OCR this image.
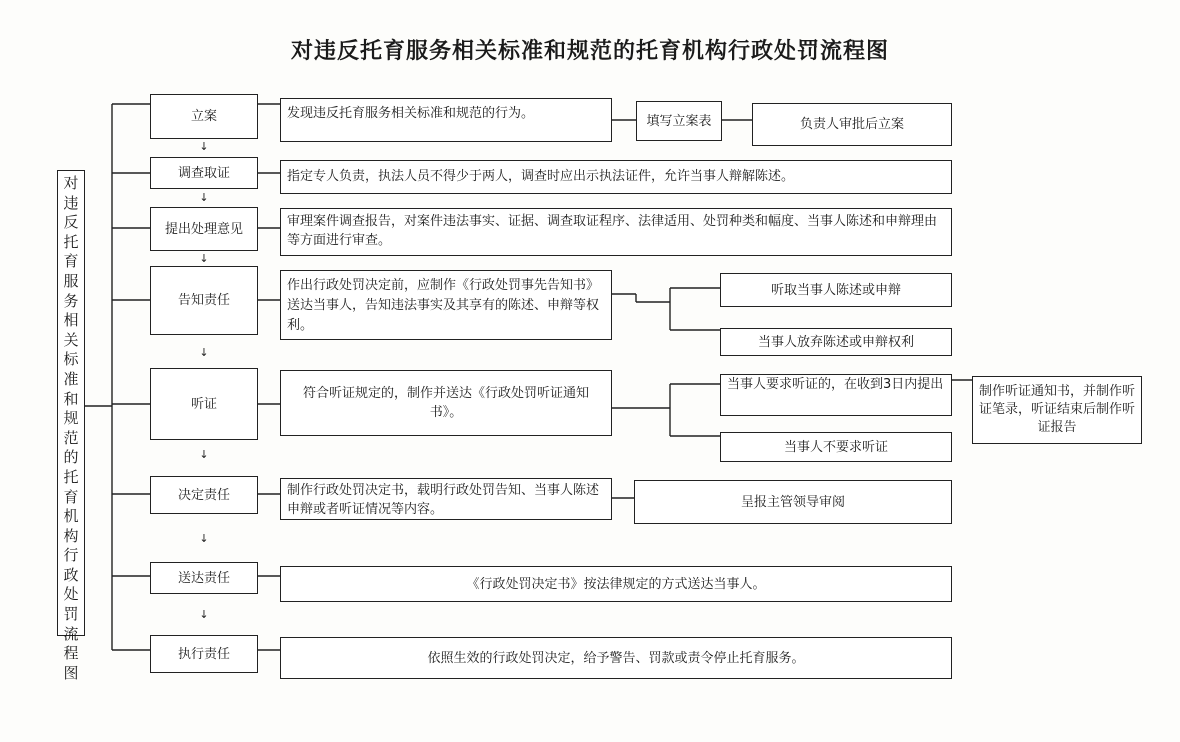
对违反托育服务相关标准和规范的托育机构行政处罚流程图
对
违
反
托
育
服
务
相
关
标
准
和
规
范
的
托
育
机
构
行
政
处
罚
流
程
图
立案
调查取证
提出处理意见
告知责任
听证
决定责任
送达责任
执行责任
↓
↓
↓
↓
↓
↓
↓
发现违反托育服务相关标准和规范的行为。
指定专人负责，执法人员不得少于两人，调查时应出示执法证件，允许当事人辩解陈述。
审理案件调查报告，对案件违法事实、证据、调查取证程序、法律适用、处罚种类和幅度、当事人陈述和申辩理由等方面进行审查。
作出行政处罚决定前，应制作《行政处罚事先告知书》送达当事人，告知违法事实及其享有的陈述、申辩等权利。
符合听证规定的，制作并送达《行政处罚听证通知书》。
制作行政处罚决定书，载明行政处罚告知、当事人陈述申辩或者听证情况等内容。
《行政处罚决定书》按法律规定的方式送达当事人。
依照生效的行政处罚决定，给予警告、罚款或责令停止托育服务。
填写立案表	负责人审批后立案
听取当事人陈述或申辩
当事人放弃陈述或申辩权利
当事人要求听证的，在收到3日内提出
当事人不要求听证
制作听证通知书，并制作听证笔录，听证结束后制作听证报告
呈报主管领导审阅
